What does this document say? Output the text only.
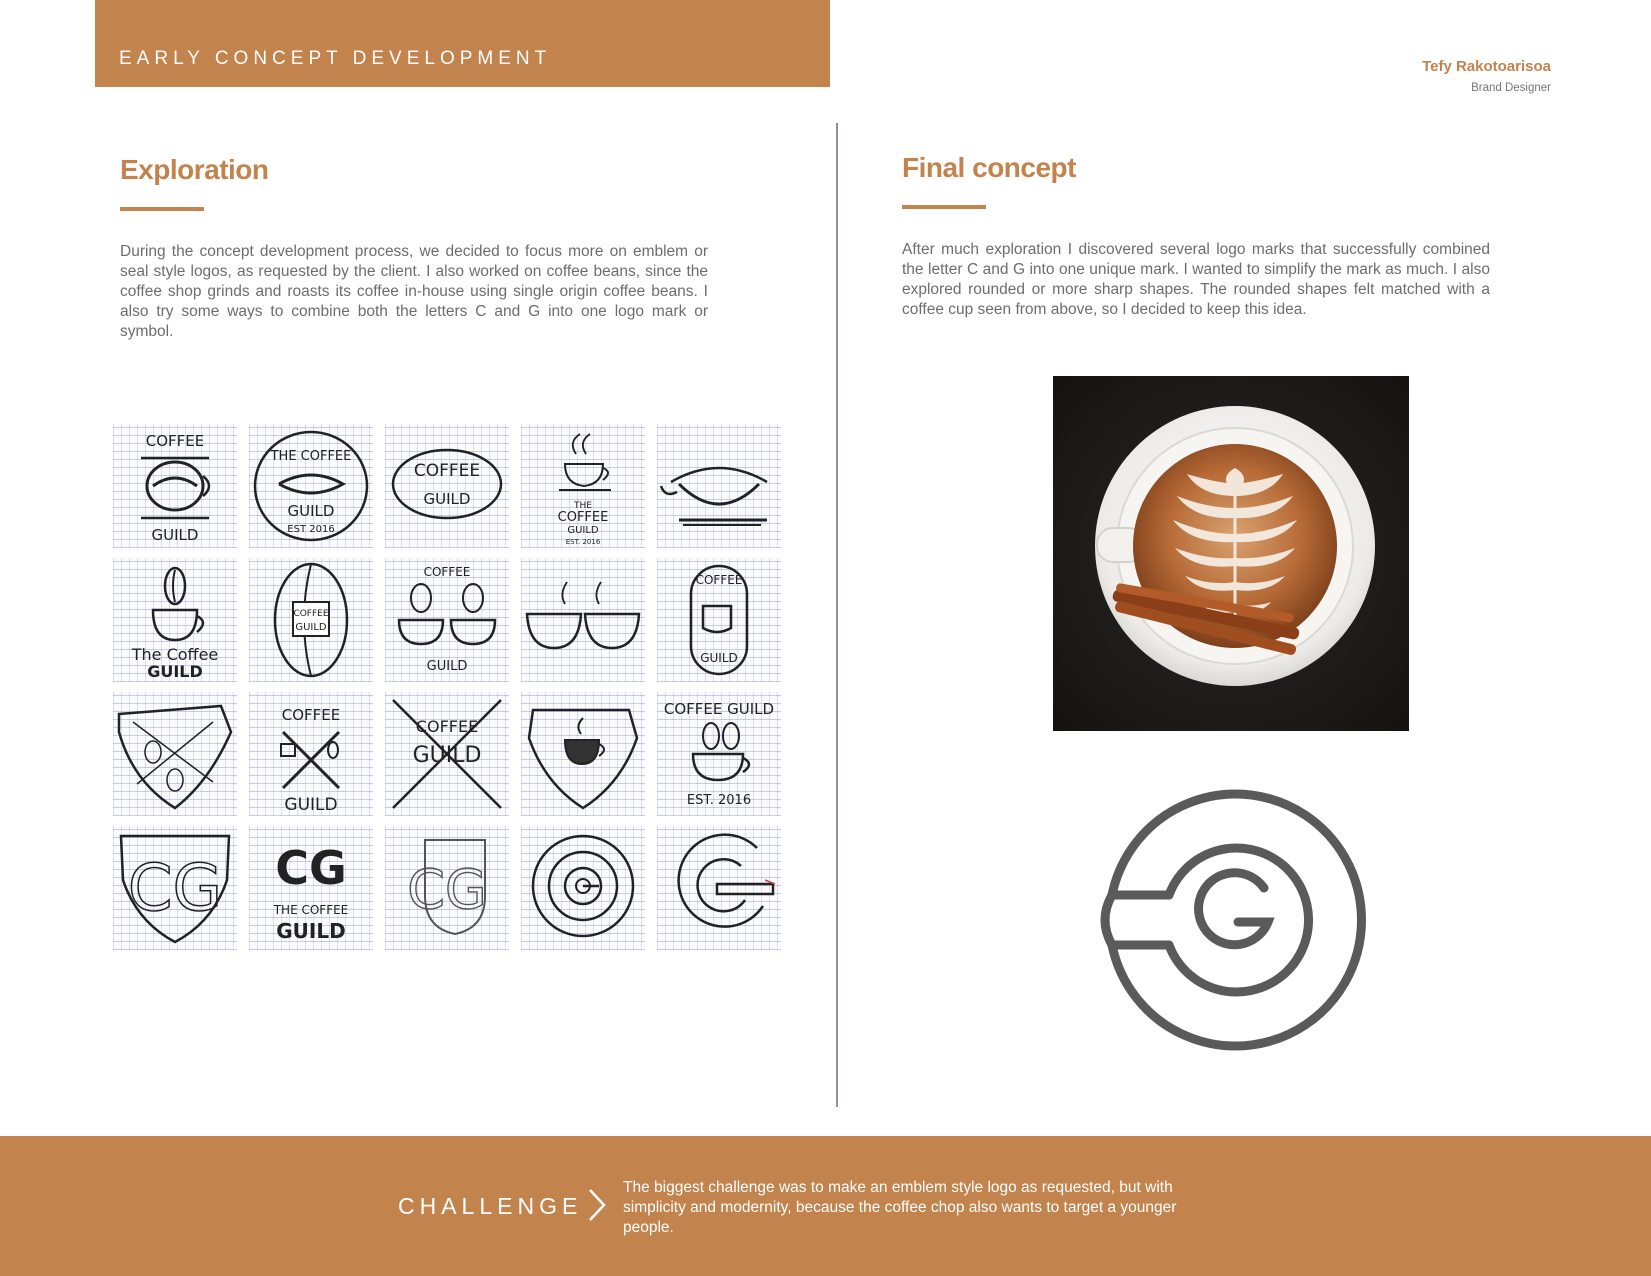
EARLY CONCEPT DEVELOPMENT	Tefy Rakotoarisoa
Brand Designer
Exploration
During the concept development process, we decided to focus more on emblem or seal style logos, as requested by the client. I also worked on coffee beans, since the coffee shop grinds and roasts its coffee in-house using single origin coffee beans. I also try some ways to combine both the letters C and G into one logo mark or symbol.
COFFEE
GUILD
THE COFFEE
GUILD
EST 2016
COFFEE
GUILD	THE
COFFEE
GUILD
EST. 2016
The Coffee
GUILD
COFFEE
GUILD
COFFEE
GUILD
COFFEE
GUILD
COFFEE
GUILD
COFFEE
GUILD
COFFEE GUILD
EST. 2016
CG CG
THE COFFEE
GUILD
CG
Final concept
After much exploration I discovered several logo marks that successfully combined the letter C and G into one unique mark. I wanted to simplify the mark as much. I also explored rounded or more sharp shapes. The rounded shapes felt matched with a coffee cup seen from above, so I decided to keep this idea.
CHALLENGE
The biggest challenge was to make an emblem style logo as requested, but with simplicity and modernity, because the coffee chop also wants to target a younger people.
